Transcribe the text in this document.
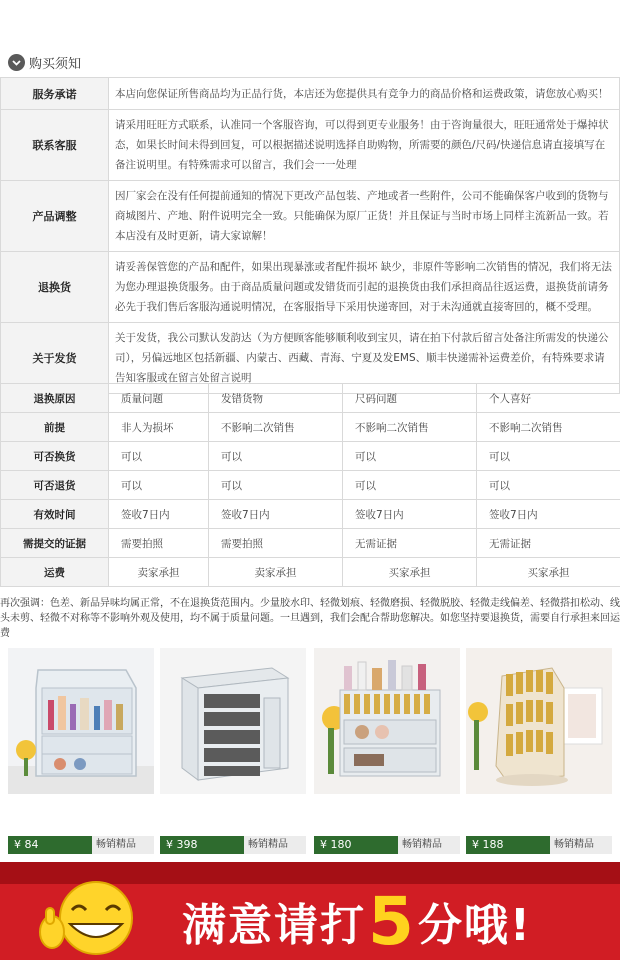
购买须知
服务承诺	本店向您保证所售商品均为正品行货，本店还为您提供具有竞争力的商品价格和运费政策，请您放心购买！
联系客服	请采用旺旺方式联系，认准同一个客服咨询，可以得到更专业服务！由于咨询量很大，旺旺通常处于爆掉状态，如果长时间未得到回复，可以根据描述说明选择自助购物，所需要的颜色/尺码/快递信息请直接填写在备注说明里。有特殊需求可以留言，我们会一一处理
产品调整	因厂家会在没有任何提前通知的情况下更改产品包装、产地或者一些附件，公司不能确保客户收到的货物与商城图片、产地、附件说明完全一致。只能确保为原厂正货！并且保证与当时市场上同样主流新品一致。若本店没有及时更新，请大家谅解！
退换货	请妥善保管您的产品和配件，如果出现暴涨或者配件损坏 缺少，非原件等影响二次销售的情况，我们将无法为您办理退换货服务。由于商品质量问题或发错货而引起的退换货由我们承担商品往返运费，退换货前请务必先于我们售后客服沟通说明情况，在客服指导下采用快递寄回，对于未沟通就直接寄回的，概不受理。
关于发货	关于发货，我公司默认发韵达（为方便顾客能够顺利收到宝贝，请在拍下付款后留言处备注所需发的快递公司），另偏远地区包括新疆、内蒙古、西藏、青海、宁夏及发EMS、顺丰快递需补运费差价，有特殊要求请告知客服或在留言处留言说明
退换原因	质量问题	发错货物	尺码问题	个人喜好
前提	非人为损坏	不影响二次销售	不影响二次销售	不影响二次销售
可否换货	可以	可以	可以	可以
可否退货	可以	可以	可以	可以
有效时间	签收7日内	签收7日内	签收7日内	签收7日内
需提交的证据	需要拍照	需要拍照	无需证据	无需证据
运费	卖家承担	卖家承担	买家承担	买家承担
再次强调：色差、新品异味均属正常，不在退换货范围内。少量胶水印、轻微划痕、轻微磨损、轻微脱胶、轻微走线偏差、轻微搭扣松动、线头未剪、轻微不对称等不影响外观及使用，均不属于质量问题。一旦遇到，我们会配合帮助您解决。如您坚持要退换货，需要自行承担来回运费
¥ 84	畅销精品	¥ 398	畅销精品	¥ 180	畅销精品	¥ 188	畅销精品
满意请打 5 分哦!
